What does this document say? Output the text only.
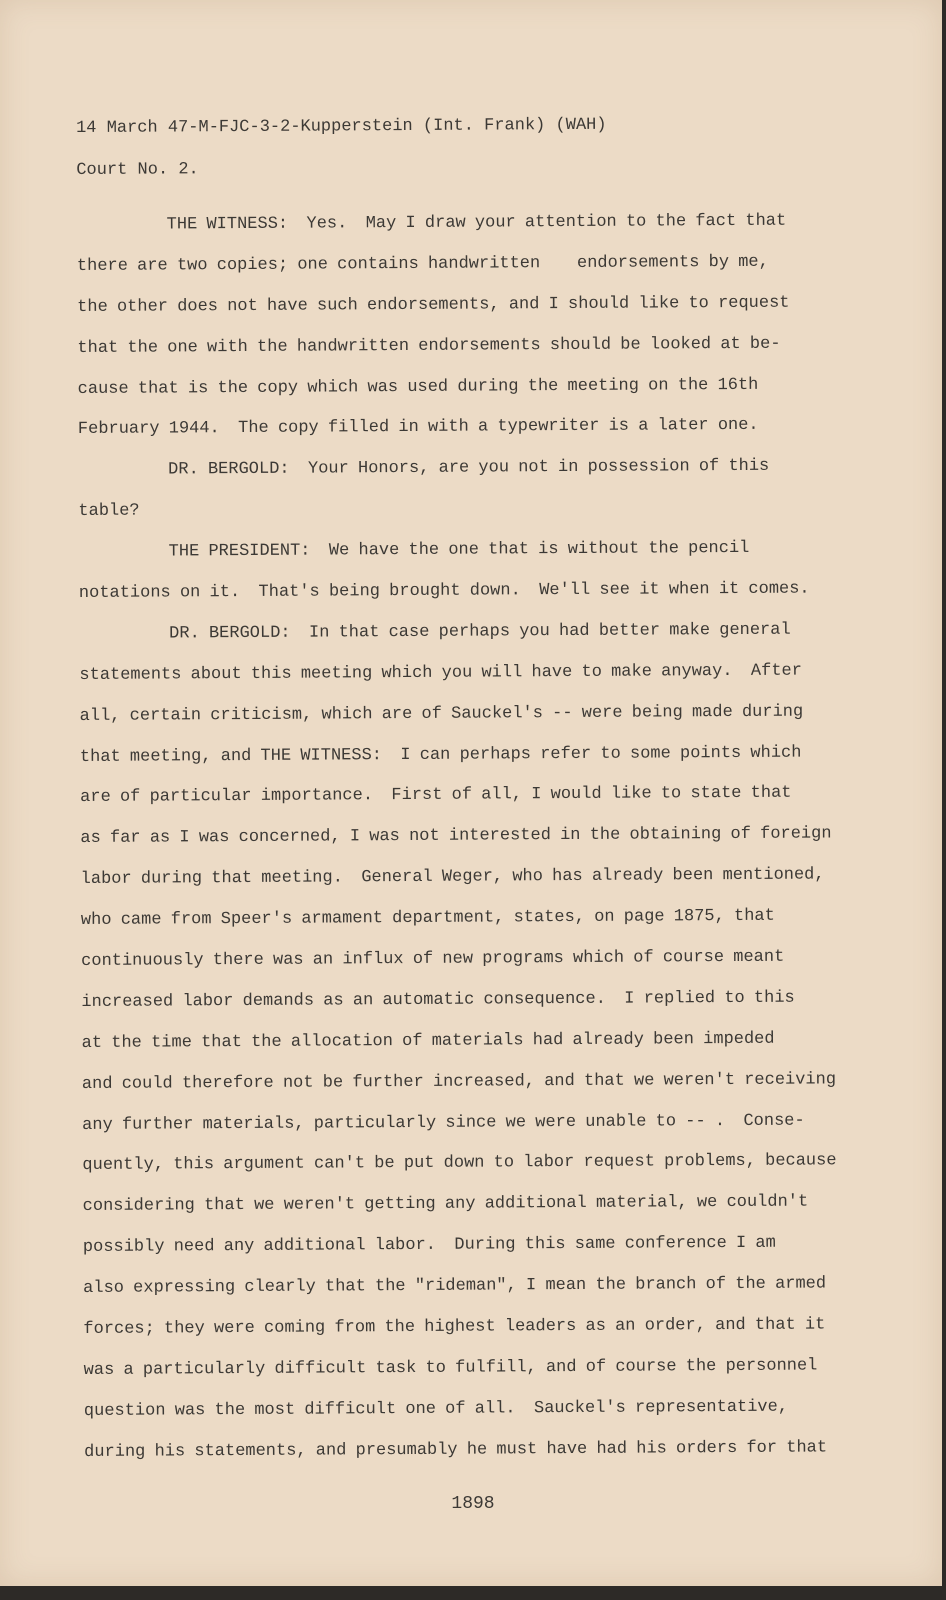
14 March 47-M-FJC-3-2-Kupperstein (Int. Frank) (WAH)

Court No. 2.

THE WITNESS:  Yes.  May I draw your attention to the fact that

there are two copies; one contains handwritten    endorsements by me,

the other does not have such endorsements, and I should like to request

that the one with the handwritten endorsements should be looked at be-

cause that is the copy which was used during the meeting on the 16th

February 1944.  The copy filled in with a typewriter is a later one.

DR. BERGOLD:  Your Honors, are you not in possession of this

table?

THE PRESIDENT:  We have the one that is without the pencil

notations on it.  That's being brought down.  We'll see it when it comes.

DR. BERGOLD:  In that case perhaps you had better make general

statements about this meeting which you will have to make anyway.  After

all, certain criticism, which are of Sauckel's -- were being made during

that meeting, and THE WITNESS:  I can perhaps refer to some points which

are of particular importance.  First of all, I would like to state that

as far as I was concerned, I was not interested in the obtaining of foreign

labor during that meeting.  General Weger, who has already been mentioned,

who came from Speer's armament department, states, on page 1875, that

continuously there was an influx of new programs which of course meant

increased labor demands as an automatic consequence.  I replied to this

at the time that the allocation of materials had already been impeded

and could therefore not be further increased, and that we weren't receiving

any further materials, particularly since we were unable to -- .  Conse-

quently, this argument can't be put down to labor request problems, because

considering that we weren't getting any additional material, we couldn't

possibly need any additional labor.  During this same conference I am

also expressing clearly that the "rideman", I mean the branch of the armed

forces; they were coming from the highest leaders as an order, and that it

was a particularly difficult task to fulfill, and of course the personnel

question was the most difficult one of all.  Sauckel's representative,

during his statements, and presumably he must have had his orders for that

1898
